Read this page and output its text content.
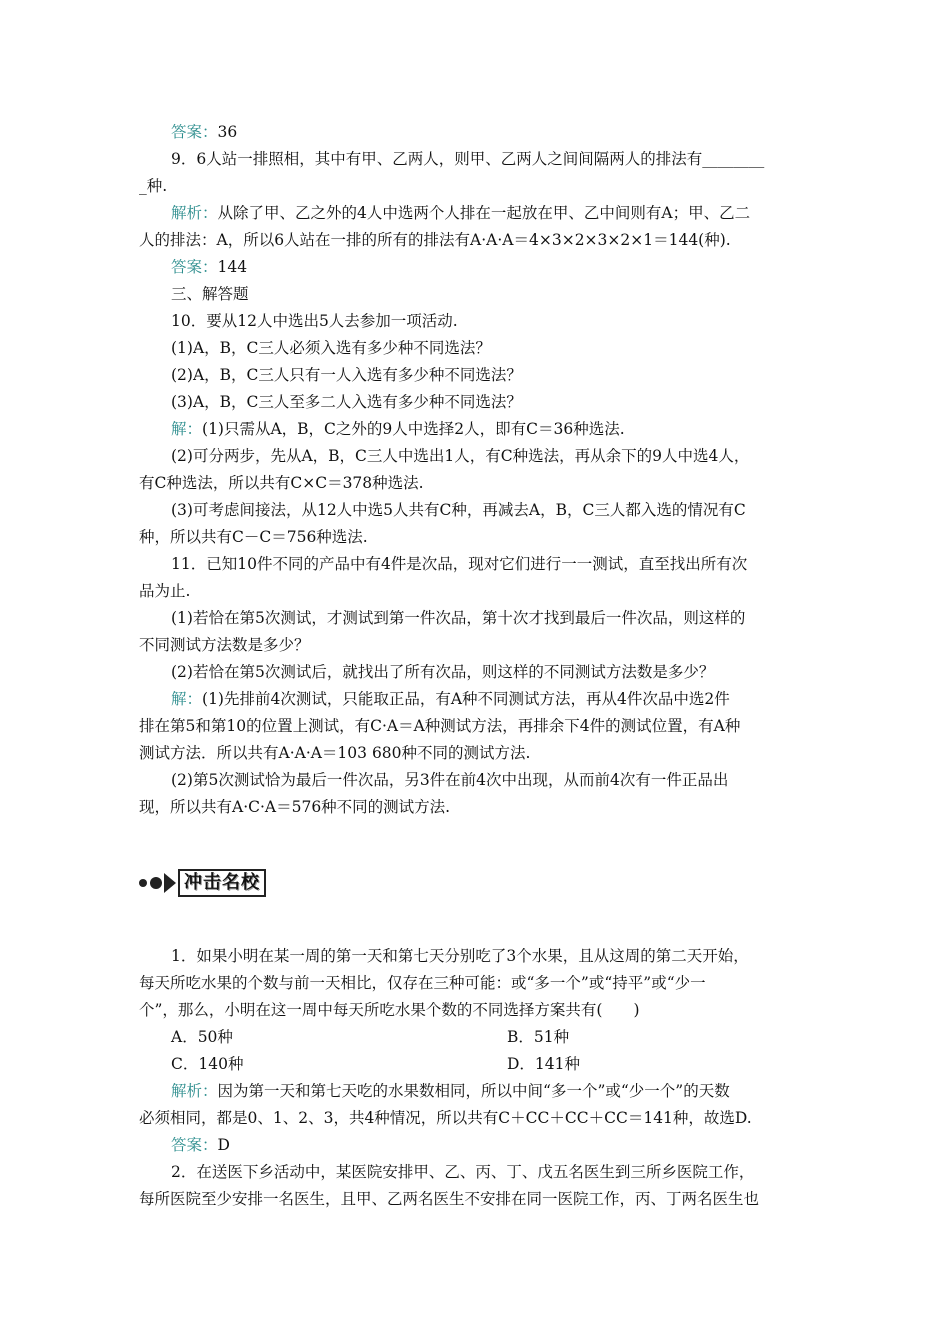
答案：36
9．6人站一排照相，其中有甲、乙两人，则甲、乙两人之间间隔两人的排法有________
_种.
解析：从除了甲、乙之外的4人中选两个人排在一起放在甲、乙中间则有A；甲、乙二
人的排法：A，所以6人站在一排的所有的排法有A·A·A＝4×3×2×3×2×1＝144(种).
答案：144
三、解答题
10．要从12人中选出5人去参加一项活动.
(1)A，B，C三人必须入选有多少种不同选法？
(2)A，B，C三人只有一人入选有多少种不同选法？
(3)A，B，C三人至多二人入选有多少种不同选法？
解：(1)只需从A，B，C之外的9人中选择2人，即有C＝36种选法.
(2)可分两步，先从A，B，C三人中选出1人，有C种选法，再从余下的9人中选4人，
有C种选法，所以共有C×C＝378种选法.
(3)可考虑间接法，从12人中选5人共有C种，再减去A，B，C三人都入选的情况有C
种，所以共有C－C＝756种选法.
11．已知10件不同的产品中有4件是次品，现对它们进行一一测试，直至找出所有次
品为止.
(1)若恰在第5次测试，才测试到第一件次品，第十次才找到最后一件次品，则这样的
不同测试方法数是多少？
(2)若恰在第5次测试后，就找出了所有次品，则这样的不同测试方法数是多少？
解：(1)先排前4次测试，只能取正品，有A种不同测试方法，再从4件次品中选2件
排在第5和第10的位置上测试，有C·A＝A种测试方法，再排余下4件的测试位置，有A种
测试方法．所以共有A·A·A＝103 680种不同的测试方法.
(2)第5次测试恰为最后一件次品，另3件在前4次中出现，从而前4次有一件正品出
现，所以共有A·C·A＝576种不同的测试方法.
冲击名校
1．如果小明在某一周的第一天和第七天分别吃了3个水果，且从这周的第二天开始，
每天所吃水果的个数与前一天相比，仅存在三种可能：或“多一个”或“持平”或“少一
个”，那么，小明在这一周中每天所吃水果个数的不同选择方案共有(　　)
A．50种	B．51种
C．140种	D．141种
解析：因为第一天和第七天吃的水果数相同，所以中间“多一个”或“少一个”的天数
必须相同，都是0、1、2、3，共4种情况，所以共有C＋CC＋CC＋CC＝141种，故选D.
答案：D
2．在送医下乡活动中，某医院安排甲、乙、丙、丁、戊五名医生到三所乡医院工作，
每所医院至少安排一名医生，且甲、乙两名医生不安排在同一医院工作，丙、丁两名医生也
